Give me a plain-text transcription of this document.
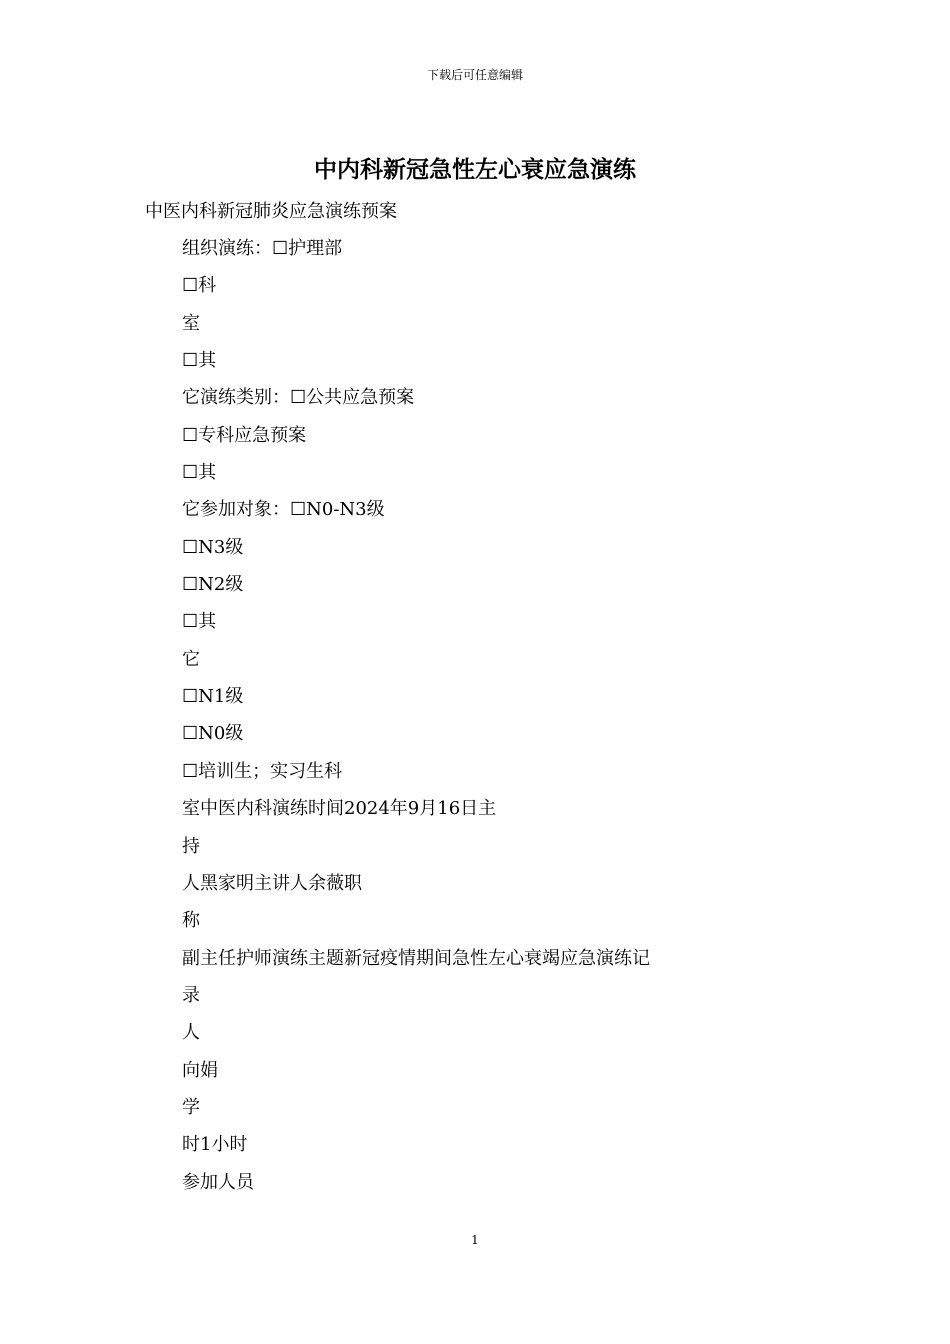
下载后可任意编辑
中内科新冠急性左心衰应急演练
中医内科新冠肺炎应急演练预案
组织演练：☐护理部
☐科
室
☐其
它演练类别：☐公共应急预案
☐专科应急预案
☐其
它参加对象：☐N0-N3级
☐N3级
☐N2级
☐其
它
☐N1级
☐N0级
☐培训生；实习生科
室中医内科演练时间2024年9月16日主
持
人黑家明主讲人余薇职
称
副主任护师演练主题新冠疫情期间急性左心衰竭应急演练记
录
人
向娟
学
时1小时
参加人员
1
